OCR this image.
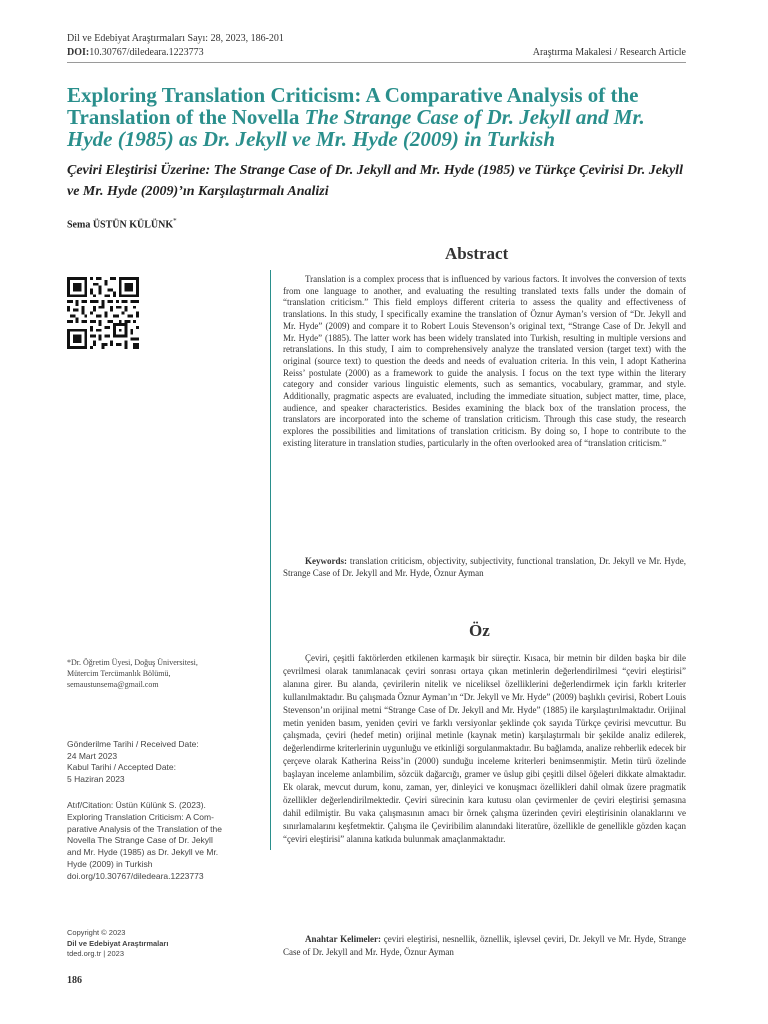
Dil ve Edebiyat Araştırmaları Sayı: 28, 2023, 186-201
DOI:10.30767/diledeara.1223773	Araştırma Makalesi / Research Article
Exploring Translation Criticism: A Comparative Analysis of the Translation of the Novella The Strange Case of Dr. Jekyll and Mr. Hyde (1985) as Dr. Jekyll ve Mr. Hyde (2009) in Turkish
Çeviri Eleştirisi Üzerine: The Strange Case of Dr. Jekyll and Mr. Hyde (1985) ve Türkçe Çevirisi Dr. Jekyll ve Mr. Hyde (2009)’ın Karşılaştırmalı Analizi
Sema ÜSTÜN KÜLÜNK*
Abstract

Translation is a complex process that is influenced by various factors. It involves the conversion of texts from one language to another, and evaluating the resulting translated texts falls under the domain of “translation criticism.” This field employs different criteria to assess the quality and effectiveness of translations. In this study, I specifically examine the translation of Öznur Ayman’s version of “Dr. Jekyll and Mr. Hyde” (2009) and compare it to Robert Louis Stevenson’s original text, “Strange Case of Dr. Jekyll and Mr. Hyde” (1885). The latter work has been widely translated into Turkish, resulting in multiple versions and retranslations. In this study, I aim to comprehensively analyze the translated version (target text) with the original (source text) to question the deeds and needs of evaluation criteria. In this vein, I adopt Katherina Reiss’ postulate (2000) as a framework to guide the analysis. I focus on the text type within the literary category and consider various linguistic elements, such as semantics, vocabulary, grammar, and style. Additionally, pragmatic aspects are evaluated, including the immediate situation, subject matter, time, place, audience, and speaker characteristics. Besides examining the black box of the translation process, the translators are incorporated into the scheme of translation criticism. Through this case study, the research explores the possibilities and limitations of translation criticism. By doing so, I hope to contribute to the existing literature in translation studies, particularly in the often overlooked area of “translation criticism.”

Keywords: translation criticism, objectivity, subjectivity, functional translation, Dr. Jekyll ve Mr. Hyde, Strange Case of Dr. Jekyll and Mr. Hyde, Öznur Ayman

Öz

Çeviri, çeşitli faktörlerden etkilenen karmaşık bir süreçtir. Kısaca, bir metnin bir dilden başka bir dile çevrilmesi olarak tanımlanacak çeviri sonrası ortaya çıkan metinlerin değerlendirilmesi “çeviri eleştirisi” alanına girer. Bu alanda, çevirilerin nitelik ve niceliksel özelliklerini değerlendirmek için farklı kriterler kullanılmaktadır. Bu çalışmada Öznur Ayman’ın “Dr. Jekyll ve Mr. Hyde” (2009) başlıklı çevirisi, Robert Louis Stevenson’ın orijinal metni “Strange Case of Dr. Jekyll and Mr. Hyde” (1885) ile karşılaştırılmaktadır. Orijinal metin yeniden basım, yeniden çeviri ve farklı versiyonlar şeklinde çok sayıda Türkçe çevirisi mevcuttur. Bu çalışmada, çeviri (hedef metin) orijinal metinle (kaynak metin) karşılaştırmalı bir şekilde analiz edilerek, değerlendirme kriterlerinin uygunluğu ve etkinliği sorgulanmaktadır. Bu bağlamda, analize rehberlik edecek bir çerçeve olarak Katherina Reiss’in (2000) sunduğu inceleme kriterleri benimsenmiştir. Metin türü özelinde başlayan inceleme anlambilim, sözcük dağarcığı, gramer ve üslup gibi çeşitli dilsel öğeleri dikkate almaktadır. Ek olarak, mevcut durum, konu, zaman, yer, dinleyici ve konuşmacı özellikleri dahil olmak üzere pragmatik özellikler değerlendirilmektedir. Çeviri sürecinin kara kutusu olan çevirmenler de çeviri eleştirisi şemasına dahil edilmiştir. Bu vaka çalışmasının amacı bir örnek çalışma üzerinden çeviri eleştirisinin olanaklarını ve sınırlamalarını keşfetmektir. Çalışma ile Çeviribilim alanındaki literatüre, özellikle de genellikle gözden kaçan “çeviri eleştirisi” alanına katkıda bulunmak amaçlanmaktadır.

Anahtar Kelimeler: çeviri eleştirisi, nesnellik, öznellik, işlevsel çeviri, Dr. Jekyll ve Mr. Hyde, Strange Case of Dr. Jekyll and Mr. Hyde, Öznur Ayman

*Dr. Öğretim Üyesi, Doğuş Üniversitesi,
Mütercim Tercümanlık Bölümü,
semaustunsema@gmail.com
Gönderilme Tarihi / Received Date:
24 Mart 2023
Kabul Tarihi / Accepted Date:
5 Haziran 2023
Atıf/Citation: Üstün Külünk S. (2023).
Exploring Translation Criticism: A Com-
parative Analysis of the Translation of the
Novella The Strange Case of Dr. Jekyll
and Mr. Hyde (1985) as Dr. Jekyll ve Mr.
Hyde (2009) in Turkish
doi.org/10.30767/diledeara.1223773
Copyright © 2023
Dil ve Edebiyat Araştırmaları
tded.org.tr | 2023
186
